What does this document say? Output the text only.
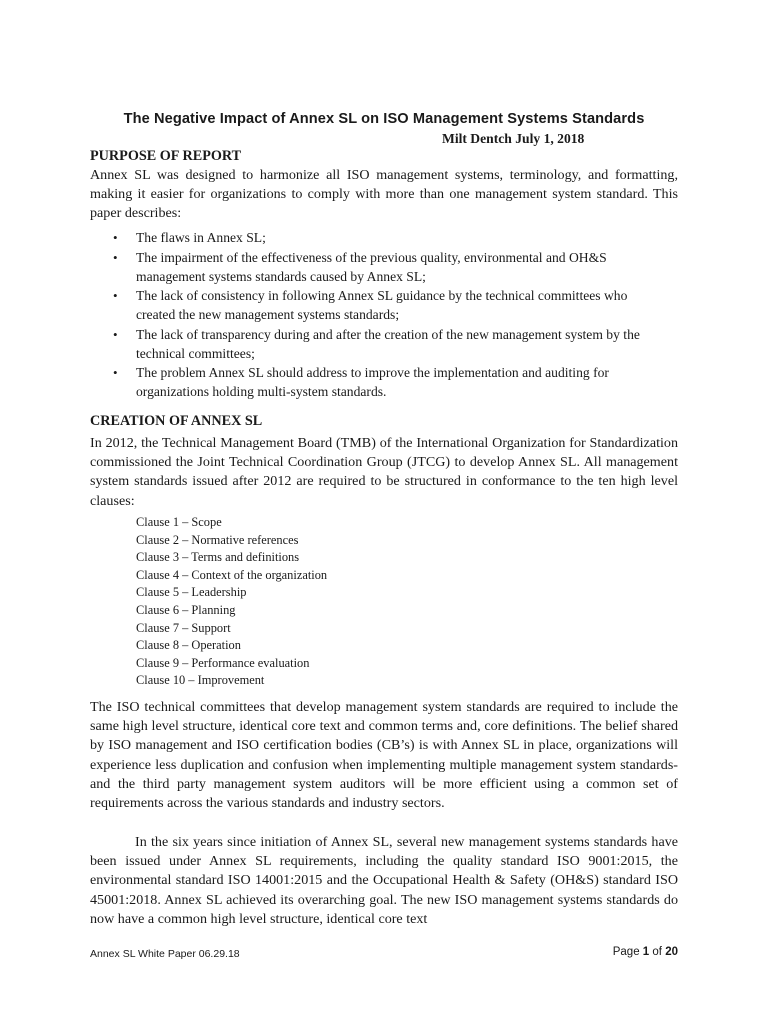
The Negative Impact of Annex SL on ISO Management Systems Standards
Milt Dentch July 1, 2018
PURPOSE OF REPORT
Annex SL was designed to harmonize all ISO management systems, terminology, and formatting, making it easier for organizations to comply with more than one management system standard. This paper describes:
• The flaws in Annex SL;
• The impairment of the effectiveness of the previous quality, environmental and OH&S management systems standards caused by Annex SL;
• The lack of consistency in following Annex SL guidance by the technical committees who created the new management systems standards;
• The lack of transparency during and after the creation of the new management system by the technical committees;
• The problem Annex SL should address to improve the implementation and auditing for organizations holding multi-system standards.
CREATION OF ANNEX SL
In 2012, the Technical Management Board (TMB) of the International Organization for Standardization commissioned the Joint Technical Coordination Group (JTCG) to develop Annex SL. All management system standards issued after 2012 are required to be structured in conformance to the ten high level clauses:
Clause 1 – Scope
Clause 2 – Normative references
Clause 3 – Terms and definitions
Clause 4 – Context of the organization
Clause 5 – Leadership
Clause 6 – Planning
Clause 7 – Support
Clause 8 – Operation
Clause 9 – Performance evaluation
Clause 10 – Improvement
The ISO technical committees that develop management system standards are required to include the same high level structure, identical core text and common terms and, core definitions. The belief shared by ISO management and ISO certification bodies (CB’s) is with Annex SL in place, organizations will experience less duplication and confusion when implementing multiple management system standards- and the third party management system auditors will be more efficient using a common set of requirements across the various standards and industry sectors.
In the six years since initiation of Annex SL, several new management systems standards have been issued under Annex SL requirements, including the quality standard ISO 9001:2015, the environmental standard ISO 14001:2015 and the Occupational Health & Safety (OH&S) standard ISO 45001:2018. Annex SL achieved its overarching goal. The new ISO management systems standards do now have a common high level structure, identical core text
Annex SL White Paper 06.29.18	Page 1 of 20
